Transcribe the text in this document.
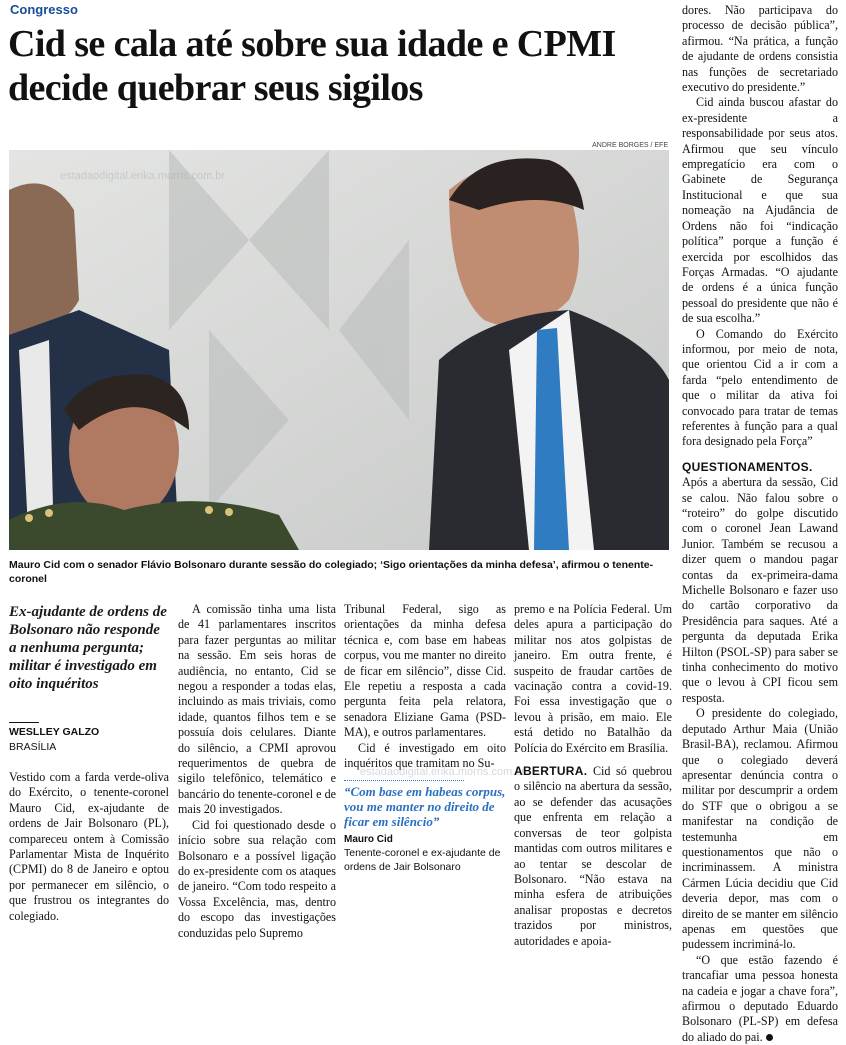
Congresso
Cid se cala até sobre sua idade e CPMI decide quebrar seus sigilos
ANDRE BORGES / EFE
estadaodigital.erika.morris.com.br
estadaodigital.erika.morris.com.br

Mauro Cid com o senador Flávio Bolsonaro durante sessão do colegiado; ‘Sigo orientações da minha defesa’, afirmou o tenente-coronel

Ex-ajudante de ordens de Bolsonaro não responde a nenhuma pergunta; militar é investigado em oito inquéritos

WESLLEY GALZO
BRASÍLIA

Vestido com a farda verde-oliva do Exército, o tenente-coronel Mauro Cid, ex-ajudante de ordens de Jair Bolsonaro (PL), compareceu ontem à Comissão Parlamentar Mista de Inquérito (CPMI) do 8 de Janeiro e optou por permanecer em silêncio, o que frustrou os integrantes do colegiado.

A comissão tinha uma lista de 41 parlamentares inscritos para fazer perguntas ao militar na sessão. Em seis horas de audiência, no entanto, Cid se negou a responder a todas elas, incluindo as mais triviais, como idade, quantos filhos tem e se possuía dois celulares. Diante do silêncio, a CPMI aprovou requerimentos de quebra de sigilo telefônico, telemático e bancário do tenente-coronel e de mais 20 investigados.

Cid foi questionado desde o início sobre sua relação com Bolsonaro e a possível ligação do ex-presidente com os ataques de janeiro. “Com todo respeito a Vossa Excelência, mas, dentro do escopo das investigações conduzidas pelo Supremo

Tribunal Federal, sigo as orientações da minha defesa técnica e, com base em habeas corpus, vou me manter no direito de ficar em silêncio”, disse Cid. Ele repetiu a resposta a cada pergunta feita pela relatora, senadora Eliziane Gama (PSD-MA), e outros parlamentares.

Cid é investigado em oito inquéritos que tramitam no Su-

“Com base em habeas corpus, vou me manter no direito de ficar em silêncio”

Mauro Cid

Tenente-coronel e ex-ajudante de ordens de Jair Bolsonaro

premo e na Polícia Federal. Um deles apura a participação do militar nos atos golpistas de janeiro. Em outra frente, é suspeito de fraudar cartões de vacinação contra a covid-19. Foi essa investigação que o levou à prisão, em maio. Ele está detido no Batalhão da Polícia do Exército em Brasília.

ABERTURA. Cid só quebrou o silêncio na abertura da sessão, ao se defender das acusações que enfrenta em relação a conversas de teor golpista mantidas com outros militares e ao tentar se descolar de Bolsonaro. “Não estava na minha esfera de atribuições analisar propostas e decretos trazidos por ministros, autoridades e apoia-

dores. Não participava do processo de decisão pública”, afirmou. “Na prática, a função de ajudante de ordens consistia nas funções de secretariado executivo do presidente.”

Cid ainda buscou afastar do ex-presidente a responsabilidade por seus atos. Afirmou que seu vínculo empregatício era com o Gabinete de Segurança Institucional e que sua nomeação na Ajudância de Ordens não foi “indicação política” porque a função é exercida por escolhidos das Forças Armadas. “O ajudante de ordens é a única função pessoal do presidente que não é de sua escolha.”

O Comando do Exército informou, por meio de nota, que orientou Cid a ir com a farda “pelo entendimento de que o militar da ativa foi convocado para tratar de temas referentes à função para a qual fora designado pela Força”

QUESTIONAMENTOS. Após a abertura da sessão, Cid se calou. Não falou sobre o “roteiro” do golpe discutido com o coronel Jean Lawand Junior. Também se recusou a dizer quem o mandou pagar contas da ex-primeira-dama Michelle Bolsonaro e fazer uso do cartão corporativo da Presidência para saques. Até a pergunta da deputada Erika Hilton (PSOL-SP) para saber se tinha conhecimento do motivo que o levou à CPI ficou sem resposta.

O presidente do colegiado, deputado Arthur Maia (União Brasil-BA), reclamou. Afirmou que o colegiado deverá apresentar denúncia contra o militar por descumprir a ordem do STF que o obrigou a se manifestar na condição de testemunha em questionamentos que não o incriminassem. A ministra Cármen Lúcia decidiu que Cid deveria depor, mas com o direito de se manter em silêncio apenas em questões que pudessem incriminá-lo.

“O que estão fazendo é trancafiar uma pessoa honesta na cadeia e jogar a chave fora”, afirmou o deputado Eduardo Bolsonaro (PL-SP) em defesa do aliado do pai.
